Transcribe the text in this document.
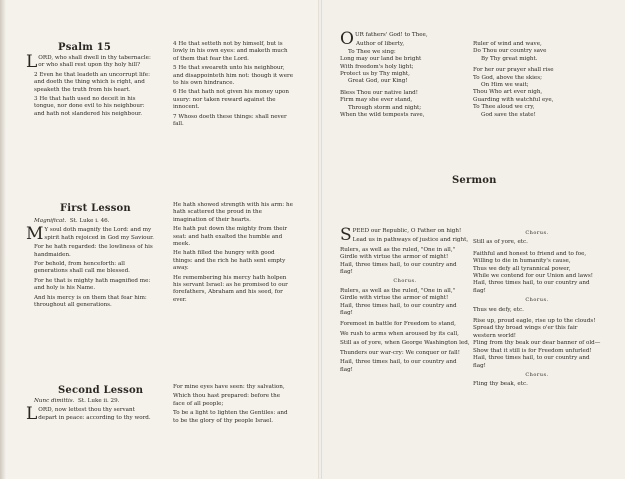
Psalm 15

LORD, who shall dwell in thy tabernacle: or who shall rest upon thy holy hill?

2 Even he that leadeth an uncorrupt life: and doeth the thing which is right, and speaketh the truth from his heart.

3 He that hath used no deceit in his tongue, nor done evil to his neighbour: and hath not slandered his neighbour.

4 He that setteth not by himself, but is lowly in his own eyes: and maketh much of them that fear the Lord.

5 He that sweareth unto his neighbour, and disappointeth him not: though it were to his own hindrance.

6 He that hath not given his money upon usury: nor taken reward against the innocent.

7 Whoso doeth these things: shall never fall.

First Lesson

Magnificat. St. Luke i. 46.

M Y soul doth magnify the Lord: and my spirit hath rejoiced in God my Saviour.

For he hath regarded: the lowliness of his handmaiden.

For behold, from henceforth: all generations shall call me blessed.

For he that is mighty hath magnified me: and holy is his Name.

And his mercy is on them that fear him: throughout all generations.

He hath showed strength with his arm: he hath scattered the proud in the imagination of their hearts.

He hath put down the mighty from their seat: and hath exalted the humble and meek.

He hath filled the hungry with good things: and the rich he hath sent empty away.

He remembering his mercy hath holpen his servant Israel: as he promised to our forefathers, Abraham and his seed, for ever.

Second Lesson

Nunc dimittis. St. Luke ii. 29.

LORD, now lettest thou thy servant depart in peace: according to thy word.

For mine eyes have seen: thy salvation,

Which thou hast prepared: before the face of all people;

To be a light to lighten the Gentiles: and to be the glory of thy people Israel.

OUR fathers' God! to Thee,

Author of liberty,

To Thee we sing:

Long may our land be bright

With freedom's holy light;

Protect us by Thy might,

Great God, our King!

Bless Thou our native land!

Firm may she ever stand,

Through storm and night;

When the wild tempests rave,

Ruler of wind and wave,

Do Thou our country save

By Thy great might.

For her our prayer shall rise

To God, above the skies;

On Him we wait;

Thou Who art ever nigh,

Guarding with watchful eye,

To Thee aloud we cry,

God save the state!

Sermon

SPEED our Republic, O Father on high!

Lead us in pathways of justice and right,

Rulers, as well as the ruled, "One in all,"

Girdle with virtue the armor of might!

Hail, three times hail, to our country and flag!

Chorus.

Rulers, as well as the ruled, "One in all,"

Girdle with virtue the armor of might!

Hail, three times hail, to our country and flag!

Foremost in battle for Freedom to stand,

We rush to arms when aroused by its call,

Still as of yore, when George Washington led,

Thunders our war-cry: We conquer or fall!

Hail, three times hail, to our country and flag!

Chorus.

Still as of yore, etc.

Faithful and honest to friend and to foe,

Willing to die in humanity's cause,

Thus we defy all tyrannical power,

While we contend for our Union and laws!

Hail, three times hail, to our country and flag!

Chorus.

Thus we defy, etc.

Rise up, proud eagle, rise up to the clouds!

Spread thy broad wings o'er this fair western world!

Fling from thy beak our dear banner of old—

Show that it still is for Freedom unfurled!

Hail, three times hail, to our country and flag!

Chorus.

Fling thy beak, etc.
